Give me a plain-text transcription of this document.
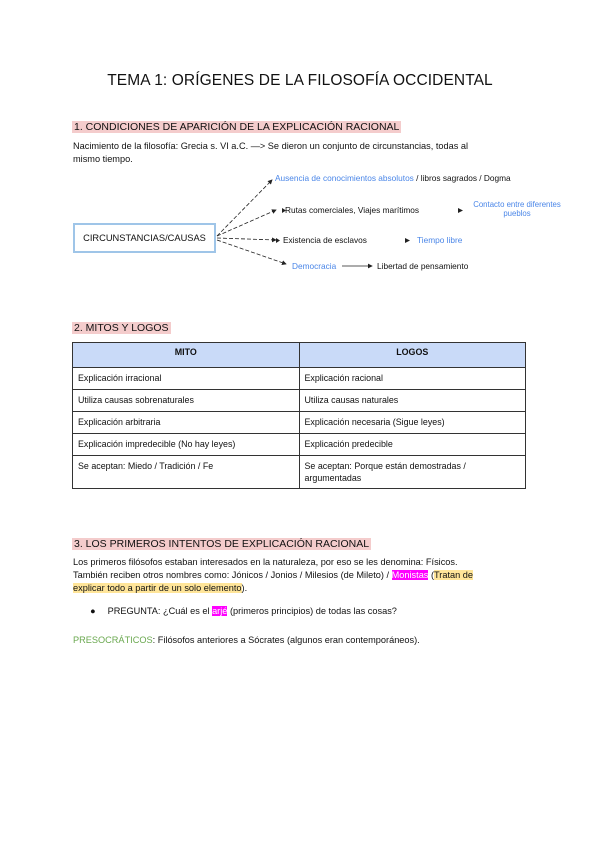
TEMA 1: ORÍGENES DE LA FILOSOFÍA OCCIDENTAL
1. CONDICIONES DE APARICIÓN DE LA EXPLICACIÓN RACIONAL
Nacimiento de la filosofía: Grecia s. VI a.C. —> Se dieron un conjunto de circunstancias, todas al
mismo tiempo.
CIRCUNSTANCIAS/CAUSAS
Ausencia de conocimientos absolutos / libros sagrados / Dogma
Rutas comerciales, Viajes marítimos
Contacto entre diferentes pueblos
Existencia de esclavos	Tiempo libre
Democracia	Libertad de pensamiento
2. MITOS Y LOGOS
MITO	LOGOS
Explicación irracional	Explicación racional
Utiliza causas sobrenaturales	Utiliza causas naturales
Explicación arbitraria	Explicación necesaria (Sigue leyes)
Explicación impredecible (No hay leyes)	Explicación predecible
Se aceptan: Miedo / Tradición / Fe	Se aceptan: Porque están demostradas / argumentadas
3. LOS PRIMEROS INTENTOS DE EXPLICACIÓN RACIONAL
Los primeros filósofos estaban interesados en la naturaleza, por eso se les denomina: Físicos.
También reciben otros nombres como: Jónicos / Jonios / Milesios (de Mileto) / Monistas (Tratan de
explicar todo a partir de un solo elemento).
● PREGUNTA: ¿Cuál es el arjé (primeros principios) de todas las cosas?
PRESOCRÁTICOS: Filósofos anteriores a Sócrates (algunos eran contemporáneos).
